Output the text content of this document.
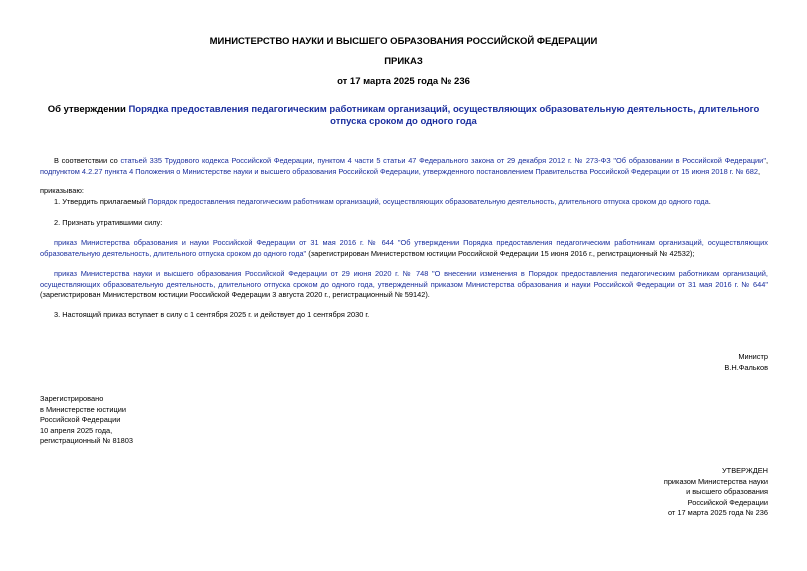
МИНИСТЕРСТВО НАУКИ И ВЫСШЕГО ОБРАЗОВАНИЯ РОССИЙСКОЙ ФЕДЕРАЦИИ
ПРИКАЗ
от 17 марта 2025 года № 236
Об утверждении Порядка предоставления педагогическим работникам организаций, осуществляющих образовательную деятельность, длительного отпуска сроком до одного года
В соответствии со статьей 335 Трудового кодекса Российской Федерации, пунктом 4 части 5 статьи 47 Федерального закона от 29 декабря 2012 г. № 273-ФЗ "Об образовании в Российской Федерации", подпунктом 4.2.27 пункта 4 Положения о Министерстве науки и высшего образования Российской Федерации, утвержденного постановлением Правительства Российской Федерации от 15 июня 2018 г. № 682,
приказываю:
1. Утвердить прилагаемый Порядок предоставления педагогическим работникам организаций, осуществляющих образовательную деятельность, длительного отпуска сроком до одного года.
2. Признать утратившими силу:
приказ Министерства образования и науки Российской Федерации от 31 мая 2016 г. № 644 "Об утверждении Порядка предоставления педагогическим работникам организаций, осуществляющих образовательную деятельность, длительного отпуска сроком до одного года" (зарегистрирован Министерством юстиции Российской Федерации 15 июня 2016 г., регистрационный № 42532);
приказ Министерства науки и высшего образования Российской Федерации от 29 июня 2020 г. № 748 "О внесении изменения в Порядок предоставления педагогическим работникам организаций, осуществляющих образовательную деятельность, длительного отпуска сроком до одного года, утвержденный приказом Министерства образования и науки Российской Федерации от 31 мая 2016 г. № 644" (зарегистрирован Министерством юстиции Российской Федерации 3 августа 2020 г., регистрационный № 59142).
3. Настоящий приказ вступает в силу с 1 сентября 2025 г. и действует до 1 сентября 2030 г.
Министр
В.Н.Фальков
Зарегистрировано
в Министерстве юстиции
Российской Федерации
10 апреля 2025 года,
регистрационный № 81803
УТВЕРЖДЕН
приказом Министерства науки
и высшего образования
Российской Федерации
от 17 марта 2025 года № 236
